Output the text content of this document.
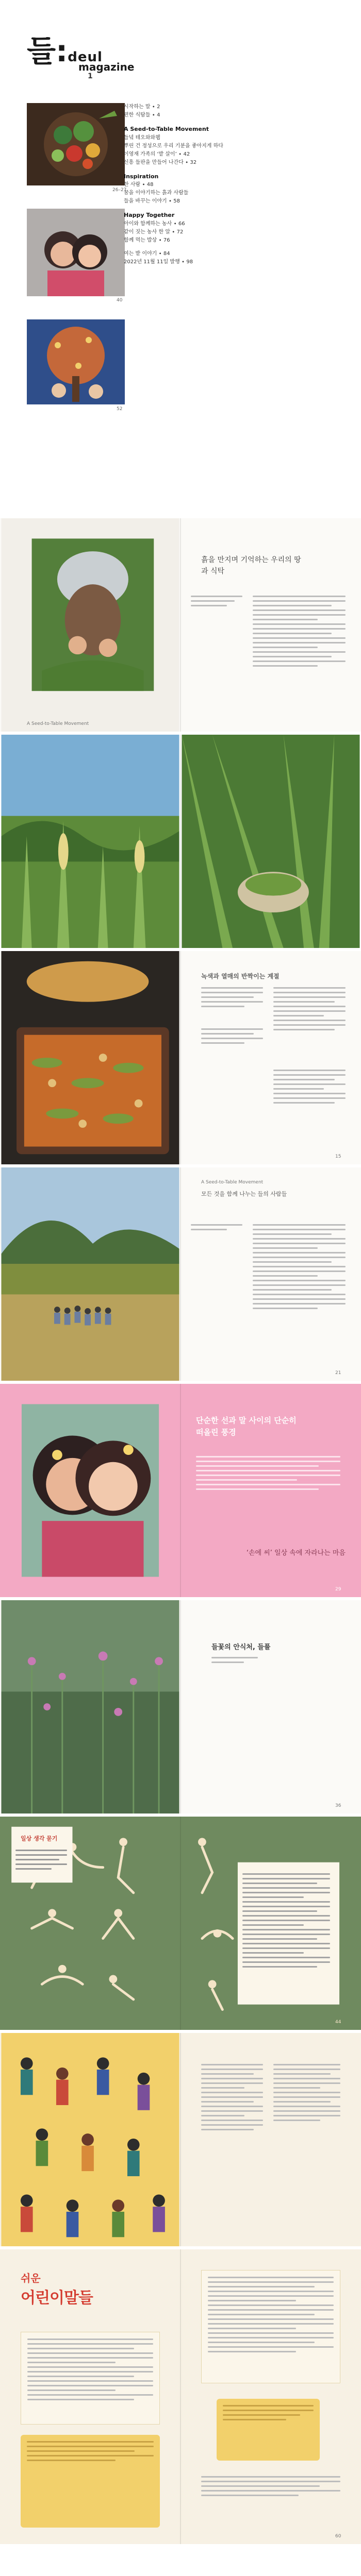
들:deul
magazine
1
26–27
40
52
시작하는 말 ∙ 2
편한 식탐들 ∙ 4
A Seed-to-Table Movement
들녘 테오와와웹
뿌린 건 정성으로 우리 기분을 좋아지게 하다
이영재 가족의 ‘밭 살이’ ∙ 42
신흥 들판을 만들어 나간다 ∙ 32
Inspiration
한 사람 ∙ 48
꿈을 이야기하는 흙과 사람들
들을 바꾸는 이야기 ∙ 58
Happy Together
아이와 함께하는 농사 ∙ 66
같이 짓는 농사 한 알 ∙ 72
함께 먹는 밥상 ∙ 76
여는 밭 이야기 ∙ 84
2022년 11월 11일 발행 ∙ 98
A Seed-to-Table Movement
흙을 만지며 기억하는 우리의 땅과 식탁
녹색과 열매의 반짝이는 계절
15
A Seed-to-Table Movement
모든 것을 함께 나누는 들의 사람들
21
단순한 선과 말 사이의 단순히 떠올린 풍경
‘손에 씨’ 일상 속에 자라나는 마음
29
들꽃의 안식처, 들풀
36
일상 생각 묻기
44
쉬운
어린이말들
60
